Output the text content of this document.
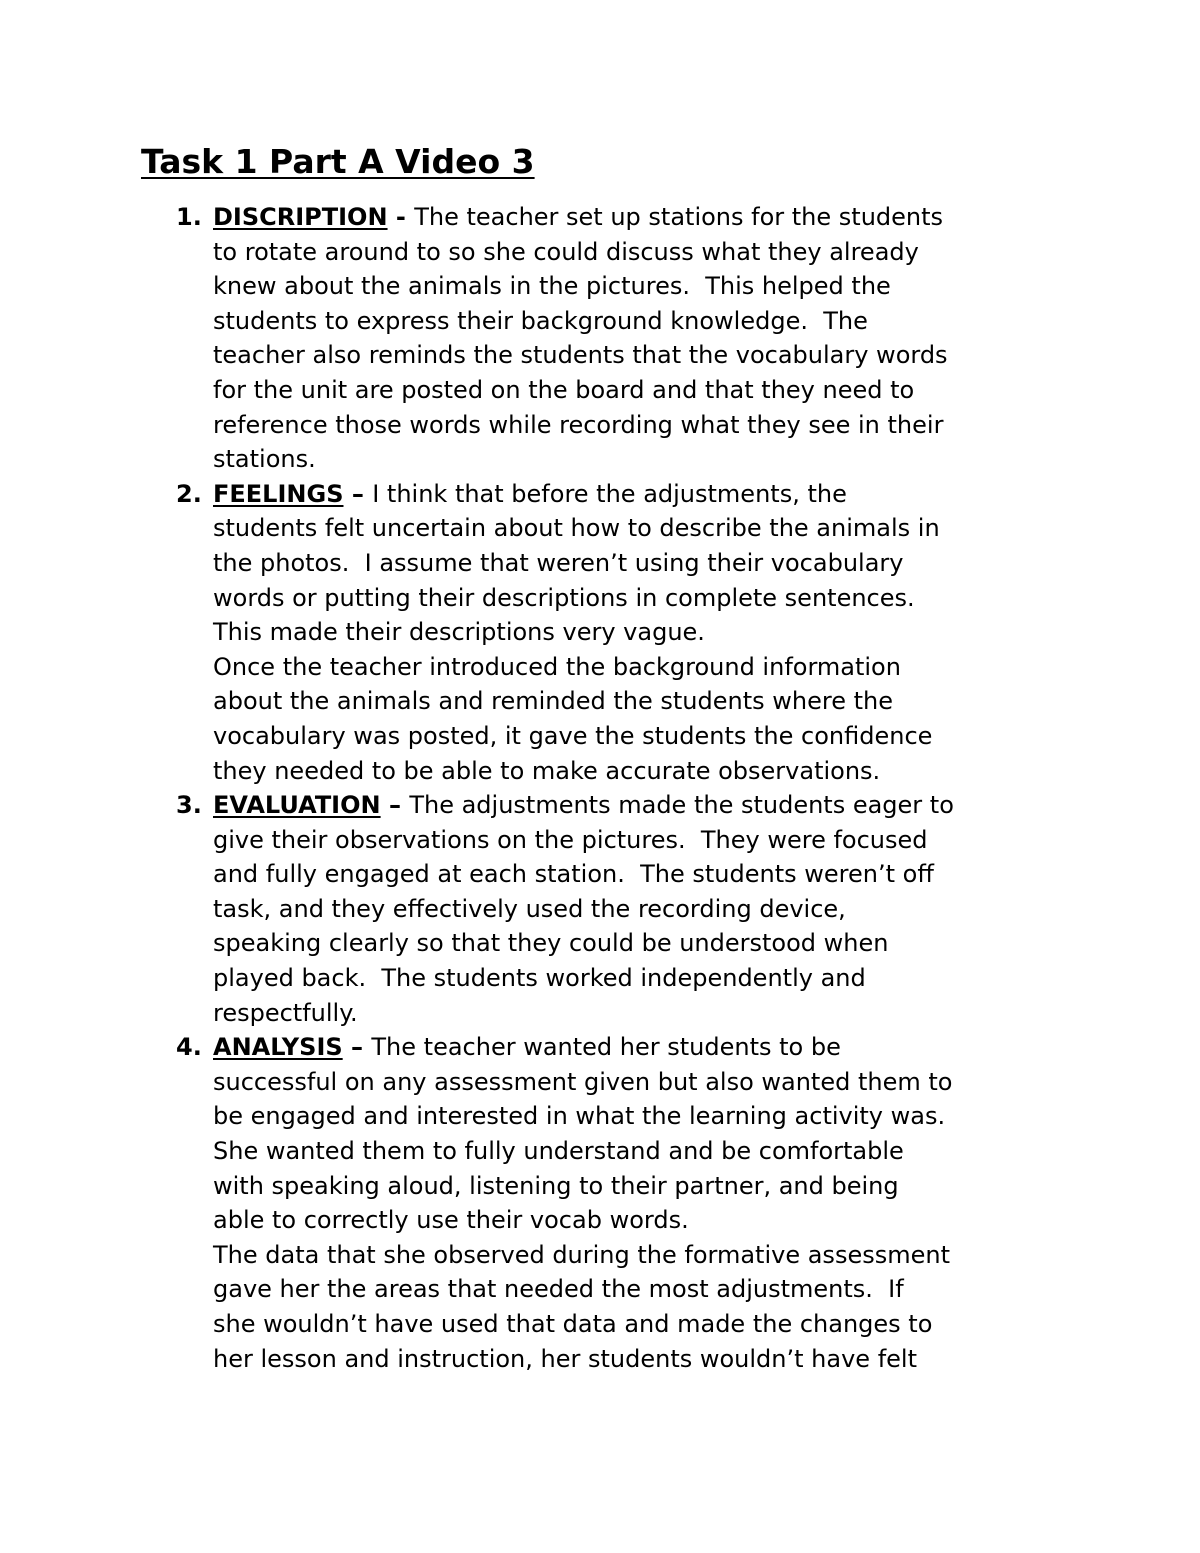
Task 1 Part A Video 3
1. DISCRIPTION - The teacher set up stations for the students
to rotate around to so she could discuss what they already
knew about the animals in the pictures.  This helped the
students to express their background knowledge.  The
teacher also reminds the students that the vocabulary words
for the unit are posted on the board and that they need to
reference those words while recording what they see in their
stations.
2. FEELINGS – I think that before the adjustments, the
students felt uncertain about how to describe the animals in
the photos.  I assume that weren’t using their vocabulary
words or putting their descriptions in complete sentences.
This made their descriptions very vague.
Once the teacher introduced the background information
about the animals and reminded the students where the
vocabulary was posted, it gave the students the confidence
they needed to be able to make accurate observations.
3. EVALUATION – The adjustments made the students eager to
give their observations on the pictures.  They were focused
and fully engaged at each station.  The students weren’t off
task, and they effectively used the recording device,
speaking clearly so that they could be understood when
played back.  The students worked independently and
respectfully.
4. ANALYSIS – The teacher wanted her students to be
successful on any assessment given but also wanted them to
be engaged and interested in what the learning activity was.
She wanted them to fully understand and be comfortable
with speaking aloud, listening to their partner, and being
able to correctly use their vocab words.
The data that she observed during the formative assessment
gave her the areas that needed the most adjustments.  If
she wouldn’t have used that data and made the changes to
her lesson and instruction, her students wouldn’t have felt
